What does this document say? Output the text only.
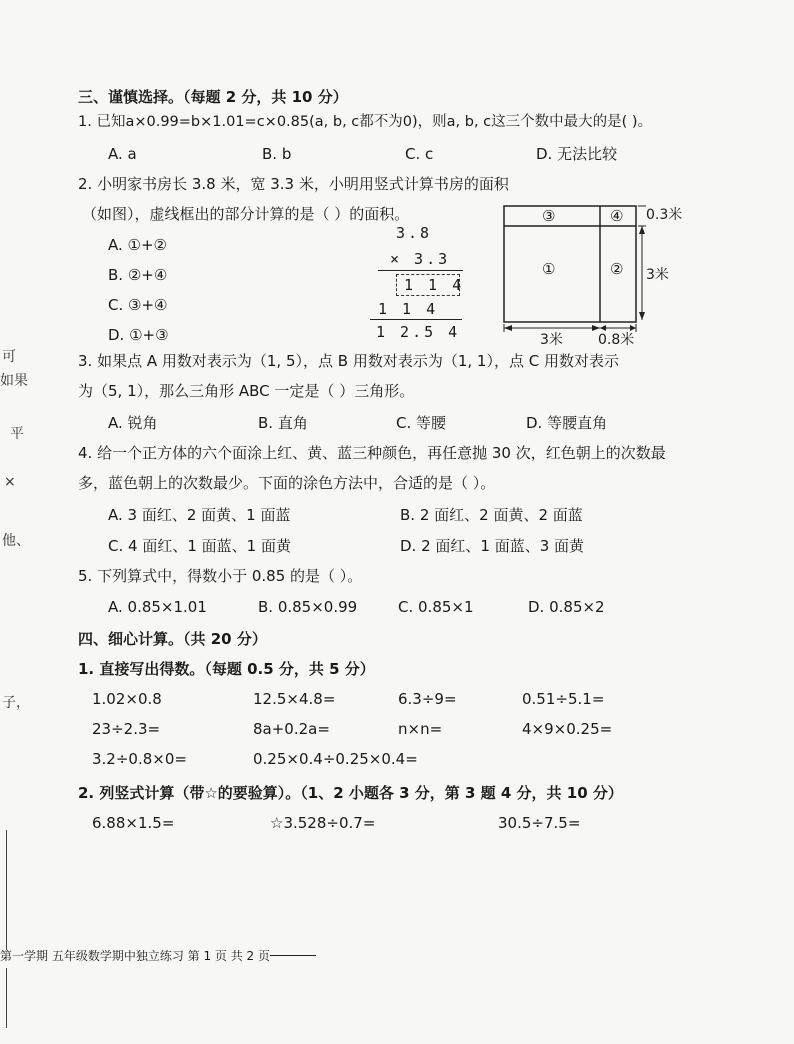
可
如果
平
×
他、
子，
三、谨慎选择。（每题 2 分，共 10 分）
1. 已知a×0.99=b×1.01=c×0.85(a, b, c都不为0)，则a, b, c这三个数中最大的是( )。
A. a	B. b	C. c	D. 无法比较
2. 小明家书房长 3.8 米，宽 3.3 米，小明用竖式计算书房的面积
（如图），虚线框出的部分计算的是（ ）的面积。
A. ①+②
B. ②+④
C. ③+④
D. ①+③
3.8
× 3.3
1 1 4
1 1 4
1 2.5 4
③	④
①	②
0.3米
3米
3米	0.8米
3. 如果点 A 用数对表示为（1, 5），点 B 用数对表示为（1, 1），点 C 用数对表示
为（5, 1），那么三角形 ABC 一定是（ ）三角形。
A. 锐角	B. 直角	C. 等腰	D. 等腰直角
4. 给一个正方体的六个面涂上红、黄、蓝三种颜色，再任意抛 30 次，红色朝上的次数最
多，蓝色朝上的次数最少。下面的涂色方法中，合适的是（ ）。
A. 3 面红、2 面黄、1 面蓝	B. 2 面红、2 面黄、2 面蓝
C. 4 面红、1 面蓝、1 面黄	D. 2 面红、1 面蓝、3 面黄
5. 下列算式中，得数小于 0.85 的是（ ）。
A. 0.85×1.01	B. 0.85×0.99	C. 0.85×1	D. 0.85×2
四、细心计算。（共 20 分）
1. 直接写出得数。（每题 0.5 分，共 5 分）
1.02×0.8	12.5×4.8=	6.3÷9=	0.51÷5.1=
23÷2.3=	8a+0.2a=	n×n=	4×9×0.25=
3.2÷0.8×0=	0.25×0.4÷0.25×0.4=
2. 列竖式计算（带☆的要验算）。（1、2 小题各 3 分，第 3 题 4 分，共 10 分）
6.88×1.5=	☆3.528÷0.7=	30.5÷7.5=
第一学期 五年级数学期中独立练习 第 1 页 共 2 页
